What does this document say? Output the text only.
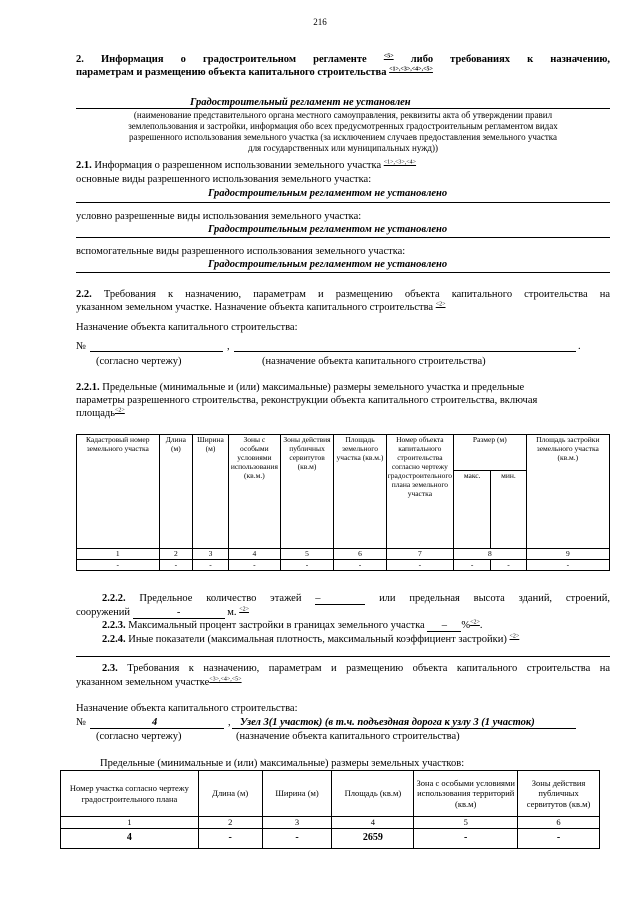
216
2. Информация о градостроительном регламенте	$^{<5>}$ либо требованиях к назначению,
параметрам и размещению объекта капитального строительства $^{<1>,<3>,<4>,<5>}$
Градостроительный регламент не установлен
(наименование представительного органа местного самоуправления, реквизиты акта об утверждении правил
землепользования и застройки, информация обо всех предусмотренных градостроительным регламентом видах
разрешенного использования земельного участка (за исключением случаев предоставления земельного участка
для государственных или муниципальных нужд))
2.1. Информация о разрешенном использовании земельного участка $^{<1>,<3>,<4>}$
основные виды разрешенного использования земельного участка:
Градостроительным регламентом не установлено
условно разрешенные виды использования земельного участка:
Градостроительным регламентом не установлено
вспомогательные виды разрешенного использования земельного участка:
Градостроительным регламентом не установлено
2.2. Требования к назначению, параметрам и размещению объекта капитального строительства на
указанном земельном участке. Назначение объекта капитального строительства $^{<2>}$
Назначение объекта капитального строительства:
№	,	.
(согласно чертежу)	(назначение объекта капитального строительства)
2.2.1. Предельные (минимальные и (или) максимальные) размеры земельного участка и предельные
параметры разрешенного строительства, реконструкции объекта капитального строительства, включая
площадь$^{<2>}$
Кадастровый номер земельного участка	Длина (м)	Ширина (м)	Зоны с особыми условиями использования (кв.м.)	Зоны действия публичных сервитутов (кв.м)	Площадь земельного участка (кв.м.)	Номер объекта капитального строительства согласно чертежу градостроительного плана земельного участка	Размер (м)		Площадь застройки земельного участка (кв.м.)
							макс.	мин.	
1	2	3	4	5	6	7	8		9
-	-	-	-	-	-	-	-	-	-
2.2.2. Предельное количество этажей –	или предельная высота зданий, строений,
сооружений	-	м. $^{<2>}$
2.2.3. Максимальный процент застройки в границах земельного участка – %$^{<2>}$.
2.2.4. Иные показатели (максимальная плотность, максимальный коэффициент застройки) $^{<2>}$
2.3. Требования к назначению, параметрам и размещению объекта капитального строительства на
указанном земельном участке$^{<3>,<4>,<5>}$
Назначение объекта капитального строительства:
№	4	, Узел 3(1 участок) (в т.ч. подъездная дорога к узлу 3 (1 участок)
(согласно чертежу)	(назначение объекта капитального строительства)
Предельные (минимальные и (или) максимальные) размеры земельных участков:
Номер участка согласно чертежу градостроительного плана	Длина (м)	Ширина (м)	Площадь (кв.м)	Зона с особыми условиями использования территорий (кв.м)	Зоны действия публичных сервитутов (кв.м)
1	2	3	4	5	6
4	-	-	2659	-	-
